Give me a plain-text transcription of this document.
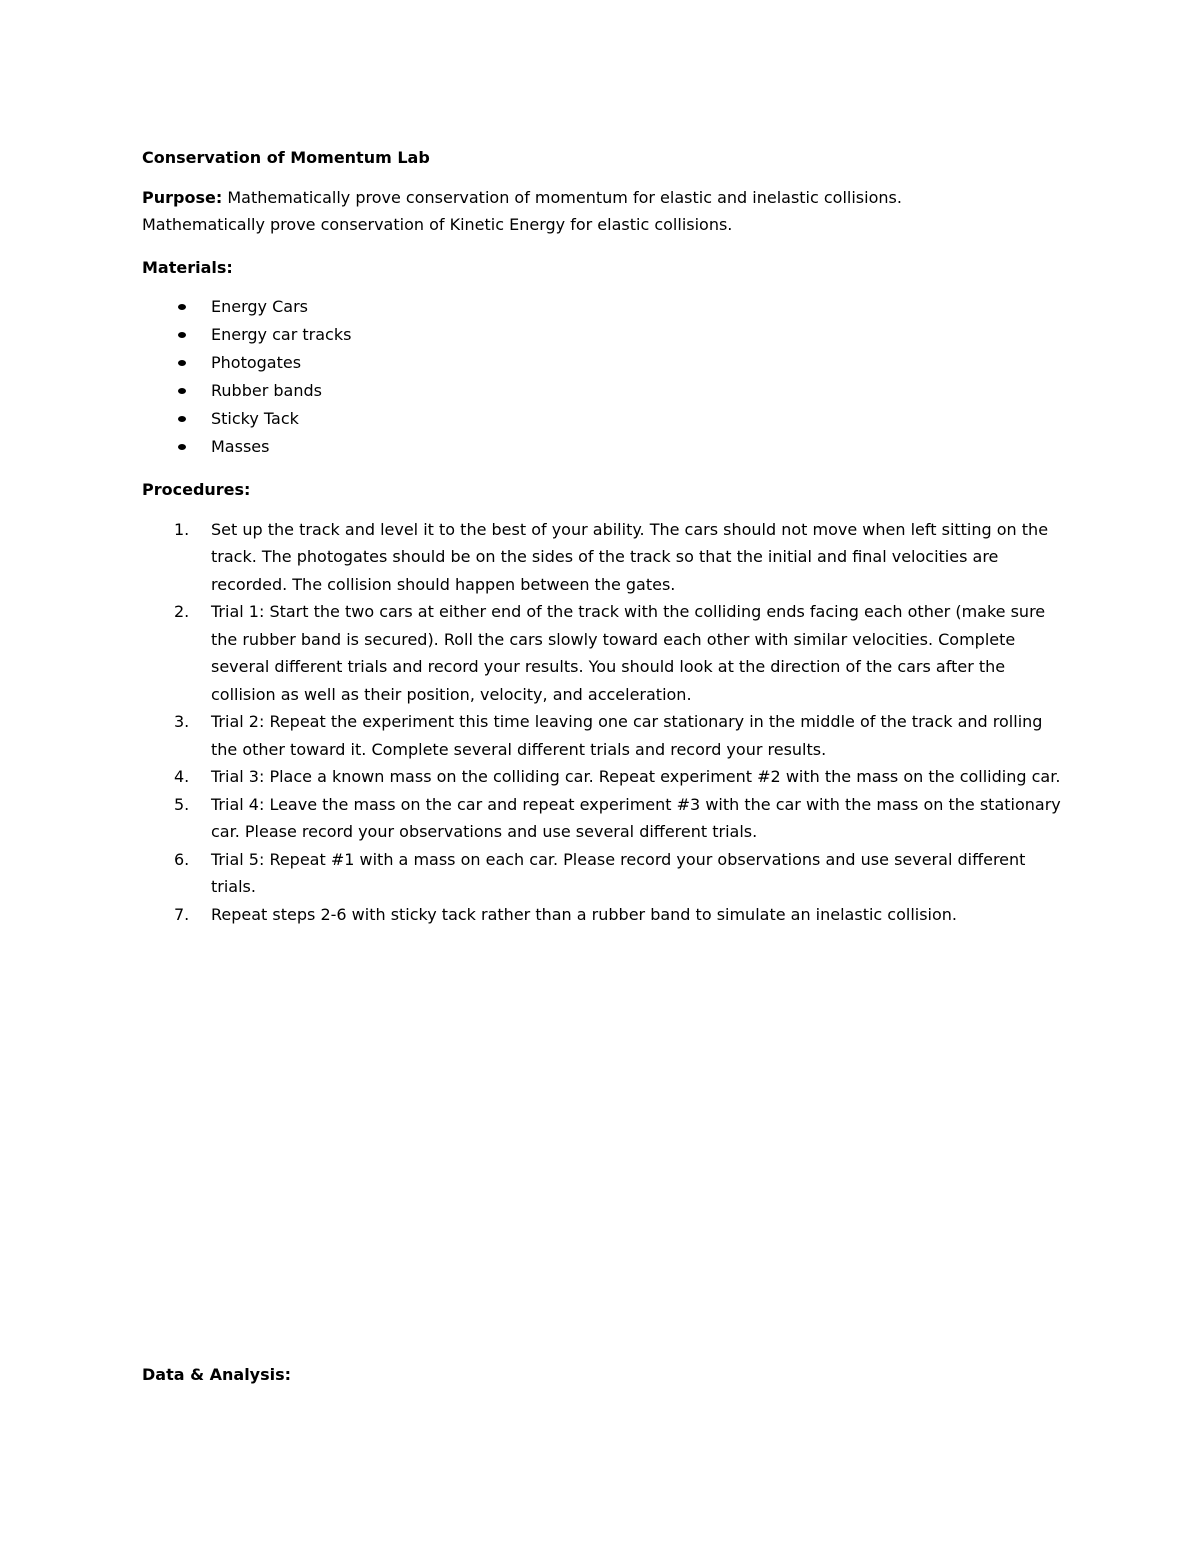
Conservation of Momentum Lab
Purpose: Mathematically prove conservation of momentum for elastic and inelastic collisions.
Mathematically prove conservation of Kinetic Energy for elastic collisions.
Materials:
Energy Cars
Energy car tracks
Photogates
Rubber bands
Sticky Tack
Masses
Procedures:
1. Set up the track and level it to the best of your ability. The cars should not move when left sitting on the track. The photogates should be on the sides of the track so that the initial and final velocities are recorded. The collision should happen between the gates.
2. Trial 1: Start the two cars at either end of the track with the colliding ends facing each other (make sure the rubber band is secured). Roll the cars slowly toward each other with similar velocities. Complete several different trials and record your results. You should look at the direction of the cars after the collision as well as their position, velocity, and acceleration.
3. Trial 2: Repeat the experiment this time leaving one car stationary in the middle of the track and rolling the other toward it. Complete several different trials and record your results.
4. Trial 3: Place a known mass on the colliding car. Repeat experiment #2 with the mass on the colliding car.
5. Trial 4: Leave the mass on the car and repeat experiment #3 with the car with the mass on the stationary car. Please record your observations and use several different trials.
6. Trial 5: Repeat #1 with a mass on each car. Please record your observations and use several different trials.
7. Repeat steps 2-6 with sticky tack rather than a rubber band to simulate an inelastic collision.
Data & Analysis:
